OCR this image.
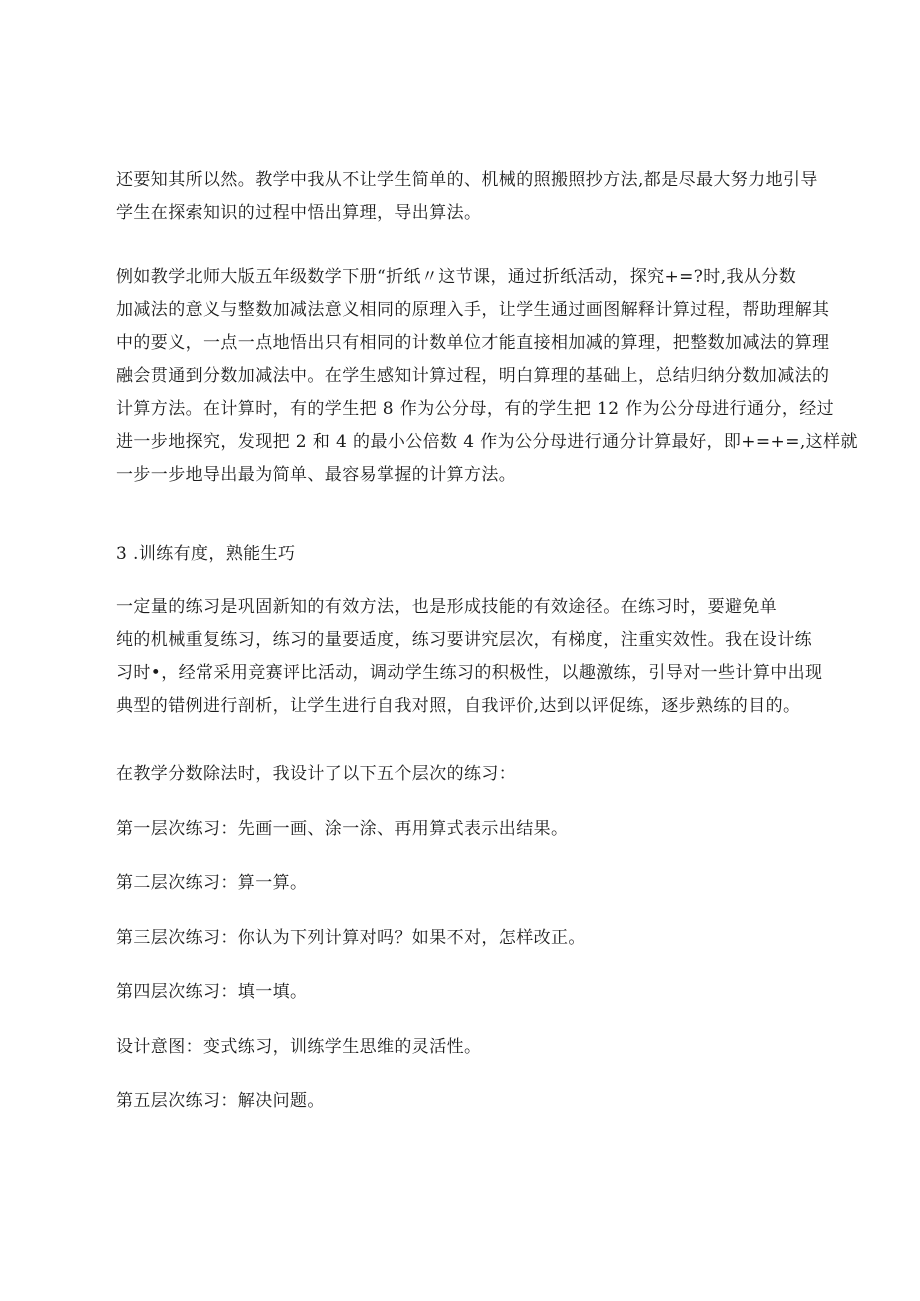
还要知其所以然。教学中我从不让学生简单的、机械的照搬照抄方法,都是尽最大努力地引导
学生在探索知识的过程中悟出算理，导出算法。
例如教学北师大版五年级数学下册“折纸〃这节课，通过折纸活动，探究+=?时,我从分数
加减法的意义与整数加减法意义相同的原理入手，让学生通过画图解释计算过程，帮助理解其
中的要义，一点一点地悟出只有相同的计数单位才能直接相加减的算理，把整数加减法的算理
融会贯通到分数加减法中。在学生感知计算过程，明白算理的基础上，总结归纳分数加减法的
计算方法。在计算时，有的学生把 8 作为公分母，有的学生把 12 作为公分母进行通分，经过
进一步地探究，发现把 2 和 4 的最小公倍数 4 作为公分母进行通分计算最好，即+=+=,这样就
一步一步地导出最为简单、最容易掌握的计算方法。
3 .训练有度，熟能生巧
一定量的练习是巩固新知的有效方法，也是形成技能的有效途径。在练习时，要避免单
纯的机械重复练习，练习的量要适度，练习要讲究层次，有梯度，注重实效性。我在设计练
习时•，经常采用竞赛评比活动，调动学生练习的积极性，以趣激练，引导对一些计算中出现
典型的错例进行剖析，让学生进行自我对照，自我评价,达到以评促练，逐步熟练的目的。
在教学分数除法时，我设计了以下五个层次的练习：
第一层次练习：先画一画、涂一涂、再用算式表示出结果。
第二层次练习：算一算。
第三层次练习：你认为下列计算对吗？如果不对，怎样改正。
第四层次练习：填一填。
设计意图：变式练习，训练学生思维的灵活性。
第五层次练习：解决问题。
